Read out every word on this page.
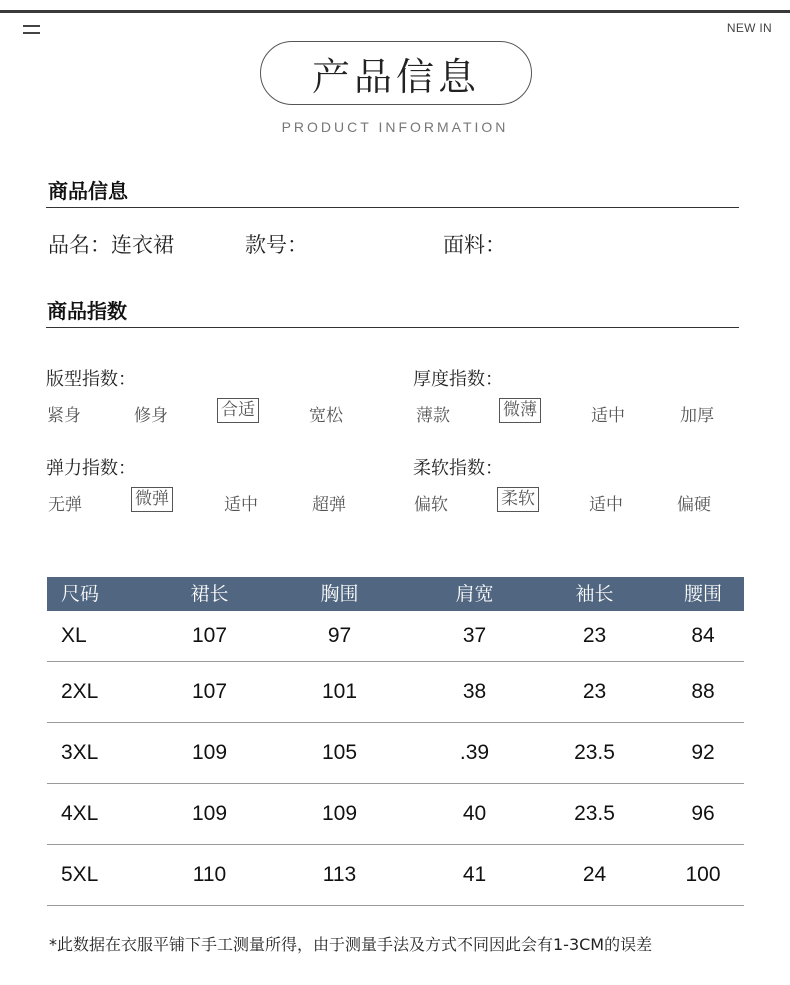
NEW IN
产品信息
PRODUCT INFORMATION
商品信息
品名：连衣裙	款号：	面料：
商品指数
版型指数：
紧身	修身	合适	宽松
厚度指数：
薄款	微薄	适中	加厚
弹力指数：
无弹	微弹	适中	超弹
柔软指数：
偏软	柔软	适中	偏硬
尺码	裙长	胸围	肩宽	袖长	腰围
XL	107	97	37	23	84
2XL	107	101	38	23	88
3XL	109	105	.39	23.5	92
4XL	109	109	40	23.5	96
5XL	110	113	41	24	100
*此数据在衣服平铺下手工测量所得，由于测量手法及方式不同因此会有1-3CM的误差
